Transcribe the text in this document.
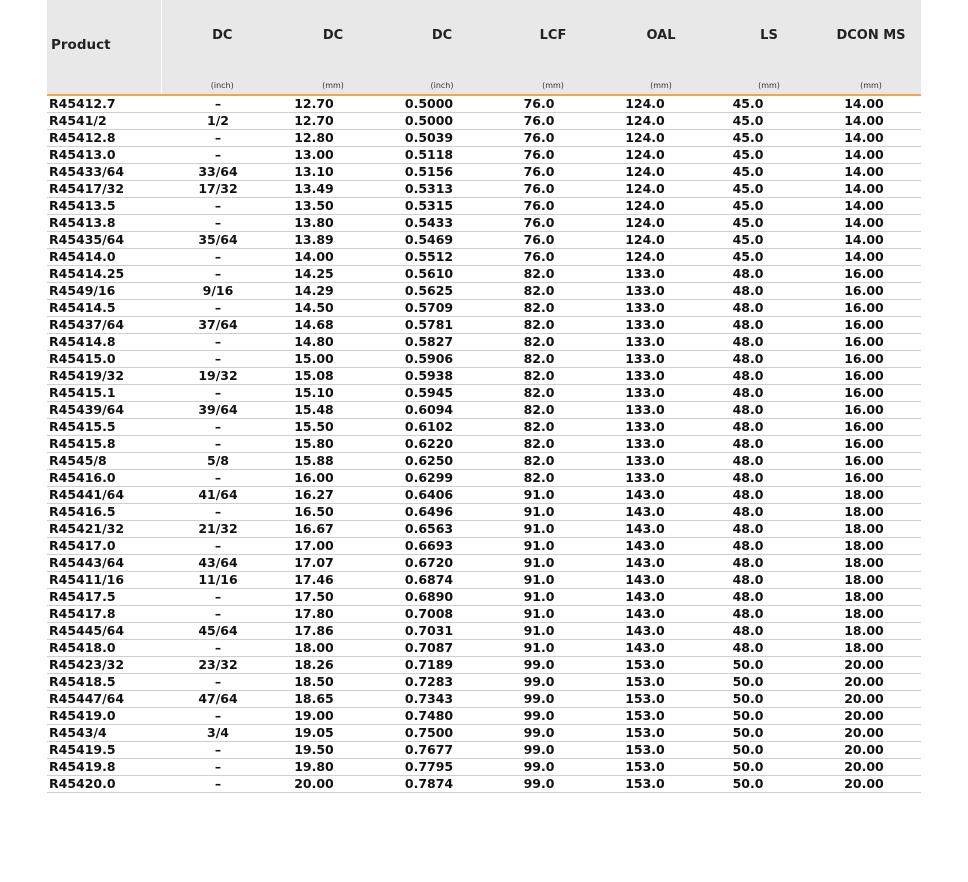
Product	DC	DC	DC	LCF	OAL	LS	DCON MS
	(inch)	(mm)	(inch)	(mm)	(mm)	(mm)	(mm)
R45412.7	–	12.70	0.5000	76.0	124.0	45.0	14.00
R4541/2	1/2	12.70	0.5000	76.0	124.0	45.0	14.00
R45412.8	–	12.80	0.5039	76.0	124.0	45.0	14.00
R45413.0	–	13.00	0.5118	76.0	124.0	45.0	14.00
R45433/64	33/64	13.10	0.5156	76.0	124.0	45.0	14.00
R45417/32	17/32	13.49	0.5313	76.0	124.0	45.0	14.00
R45413.5	–	13.50	0.5315	76.0	124.0	45.0	14.00
R45413.8	–	13.80	0.5433	76.0	124.0	45.0	14.00
R45435/64	35/64	13.89	0.5469	76.0	124.0	45.0	14.00
R45414.0	–	14.00	0.5512	76.0	124.0	45.0	14.00
R45414.25	–	14.25	0.5610	82.0	133.0	48.0	16.00
R4549/16	9/16	14.29	0.5625	82.0	133.0	48.0	16.00
R45414.5	–	14.50	0.5709	82.0	133.0	48.0	16.00
R45437/64	37/64	14.68	0.5781	82.0	133.0	48.0	16.00
R45414.8	–	14.80	0.5827	82.0	133.0	48.0	16.00
R45415.0	–	15.00	0.5906	82.0	133.0	48.0	16.00
R45419/32	19/32	15.08	0.5938	82.0	133.0	48.0	16.00
R45415.1	–	15.10	0.5945	82.0	133.0	48.0	16.00
R45439/64	39/64	15.48	0.6094	82.0	133.0	48.0	16.00
R45415.5	–	15.50	0.6102	82.0	133.0	48.0	16.00
R45415.8	–	15.80	0.6220	82.0	133.0	48.0	16.00
R4545/8	5/8	15.88	0.6250	82.0	133.0	48.0	16.00
R45416.0	–	16.00	0.6299	82.0	133.0	48.0	16.00
R45441/64	41/64	16.27	0.6406	91.0	143.0	48.0	18.00
R45416.5	–	16.50	0.6496	91.0	143.0	48.0	18.00
R45421/32	21/32	16.67	0.6563	91.0	143.0	48.0	18.00
R45417.0	–	17.00	0.6693	91.0	143.0	48.0	18.00
R45443/64	43/64	17.07	0.6720	91.0	143.0	48.0	18.00
R45411/16	11/16	17.46	0.6874	91.0	143.0	48.0	18.00
R45417.5	–	17.50	0.6890	91.0	143.0	48.0	18.00
R45417.8	–	17.80	0.7008	91.0	143.0	48.0	18.00
R45445/64	45/64	17.86	0.7031	91.0	143.0	48.0	18.00
R45418.0	–	18.00	0.7087	91.0	143.0	48.0	18.00
R45423/32	23/32	18.26	0.7189	99.0	153.0	50.0	20.00
R45418.5	–	18.50	0.7283	99.0	153.0	50.0	20.00
R45447/64	47/64	18.65	0.7343	99.0	153.0	50.0	20.00
R45419.0	–	19.00	0.7480	99.0	153.0	50.0	20.00
R4543/4	3/4	19.05	0.7500	99.0	153.0	50.0	20.00
R45419.5	–	19.50	0.7677	99.0	153.0	50.0	20.00
R45419.8	–	19.80	0.7795	99.0	153.0	50.0	20.00
R45420.0	–	20.00	0.7874	99.0	153.0	50.0	20.00
